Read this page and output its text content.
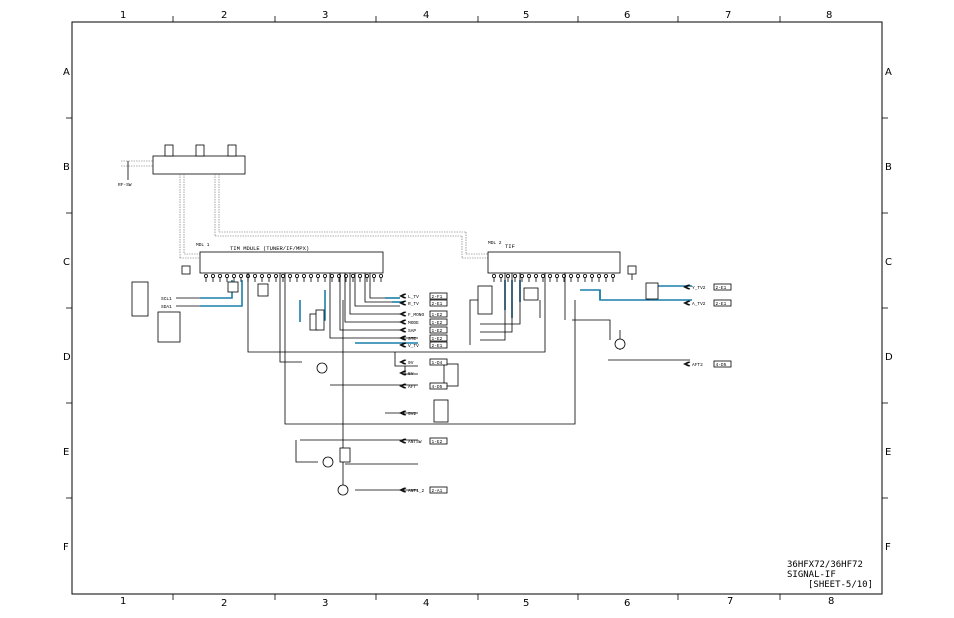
1	2	3	4	5	6	7	8
1	2	3	4	5	6	7	8
A
B
C
D
E
F
A
B
C
D
E
F
RF-SW
TIM MDULE (TUNER/IF/MPX)
MDL 1	TIF
MDL 2
SCL1
SDA1
L_TV	2-F1
R_TV	2-E1
F_MONO 1-E2
MODE	1-E2
SAP	1-E2
STE	1-E2
V_TV	2-E1
9V	1-D4
5V
AFT	4-D5
5V2
ANTSW 1-E2
ANT1_2 2-A1
Y_TV2 2-E1
A_TV2 2-E1
AFT2	4-D5
36HFX72/36HF72
SIGNAL-IF
[SHEET-5/10]
